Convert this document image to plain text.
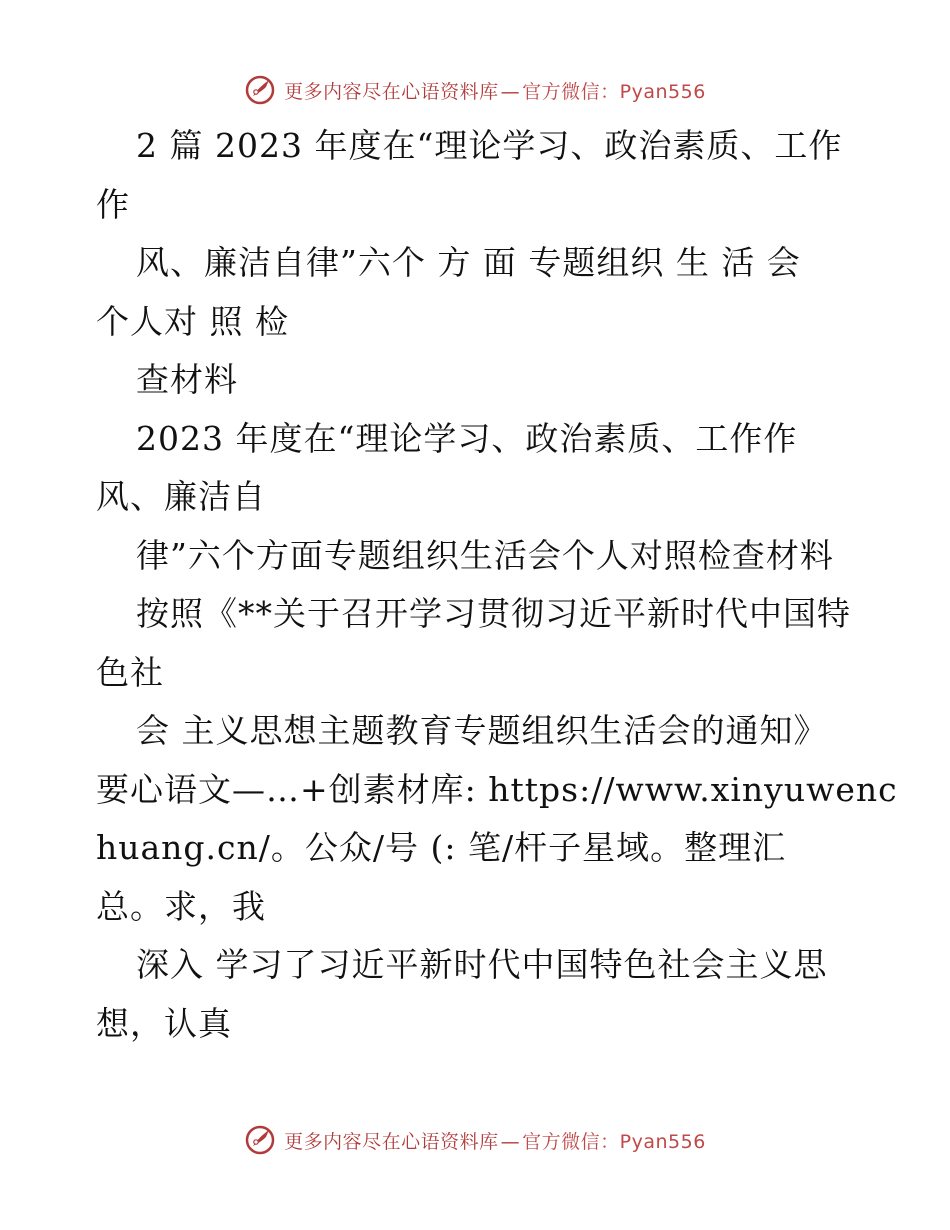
更多内容尽在心语资料库 — 官方微信：Pyan556
2 篇 2023 年度在“理论学习、政治素质、工作
作
风、廉洁自律”六个 方 面 专题组织 生 活 会
个人对 照 检
查材料
2023 年度在“理论学习、政治素质、工作作
风、廉洁自
律”六个方面专题组织生活会个人对照检查材料
按照《**关于召开学习贯彻习近平新时代中国特
色社
会 主义思想主题教育专题组织生活会的通知》
要心语文—…+创素材库: https://www.xinyuwenc
huang.cn/。公众/号 (: 笔/杆子星域。整理汇
总。求，我
深入 学习了习近平新时代中国特色社会主义思
想，认真
更多内容尽在心语资料库 — 官方微信：Pyan556
